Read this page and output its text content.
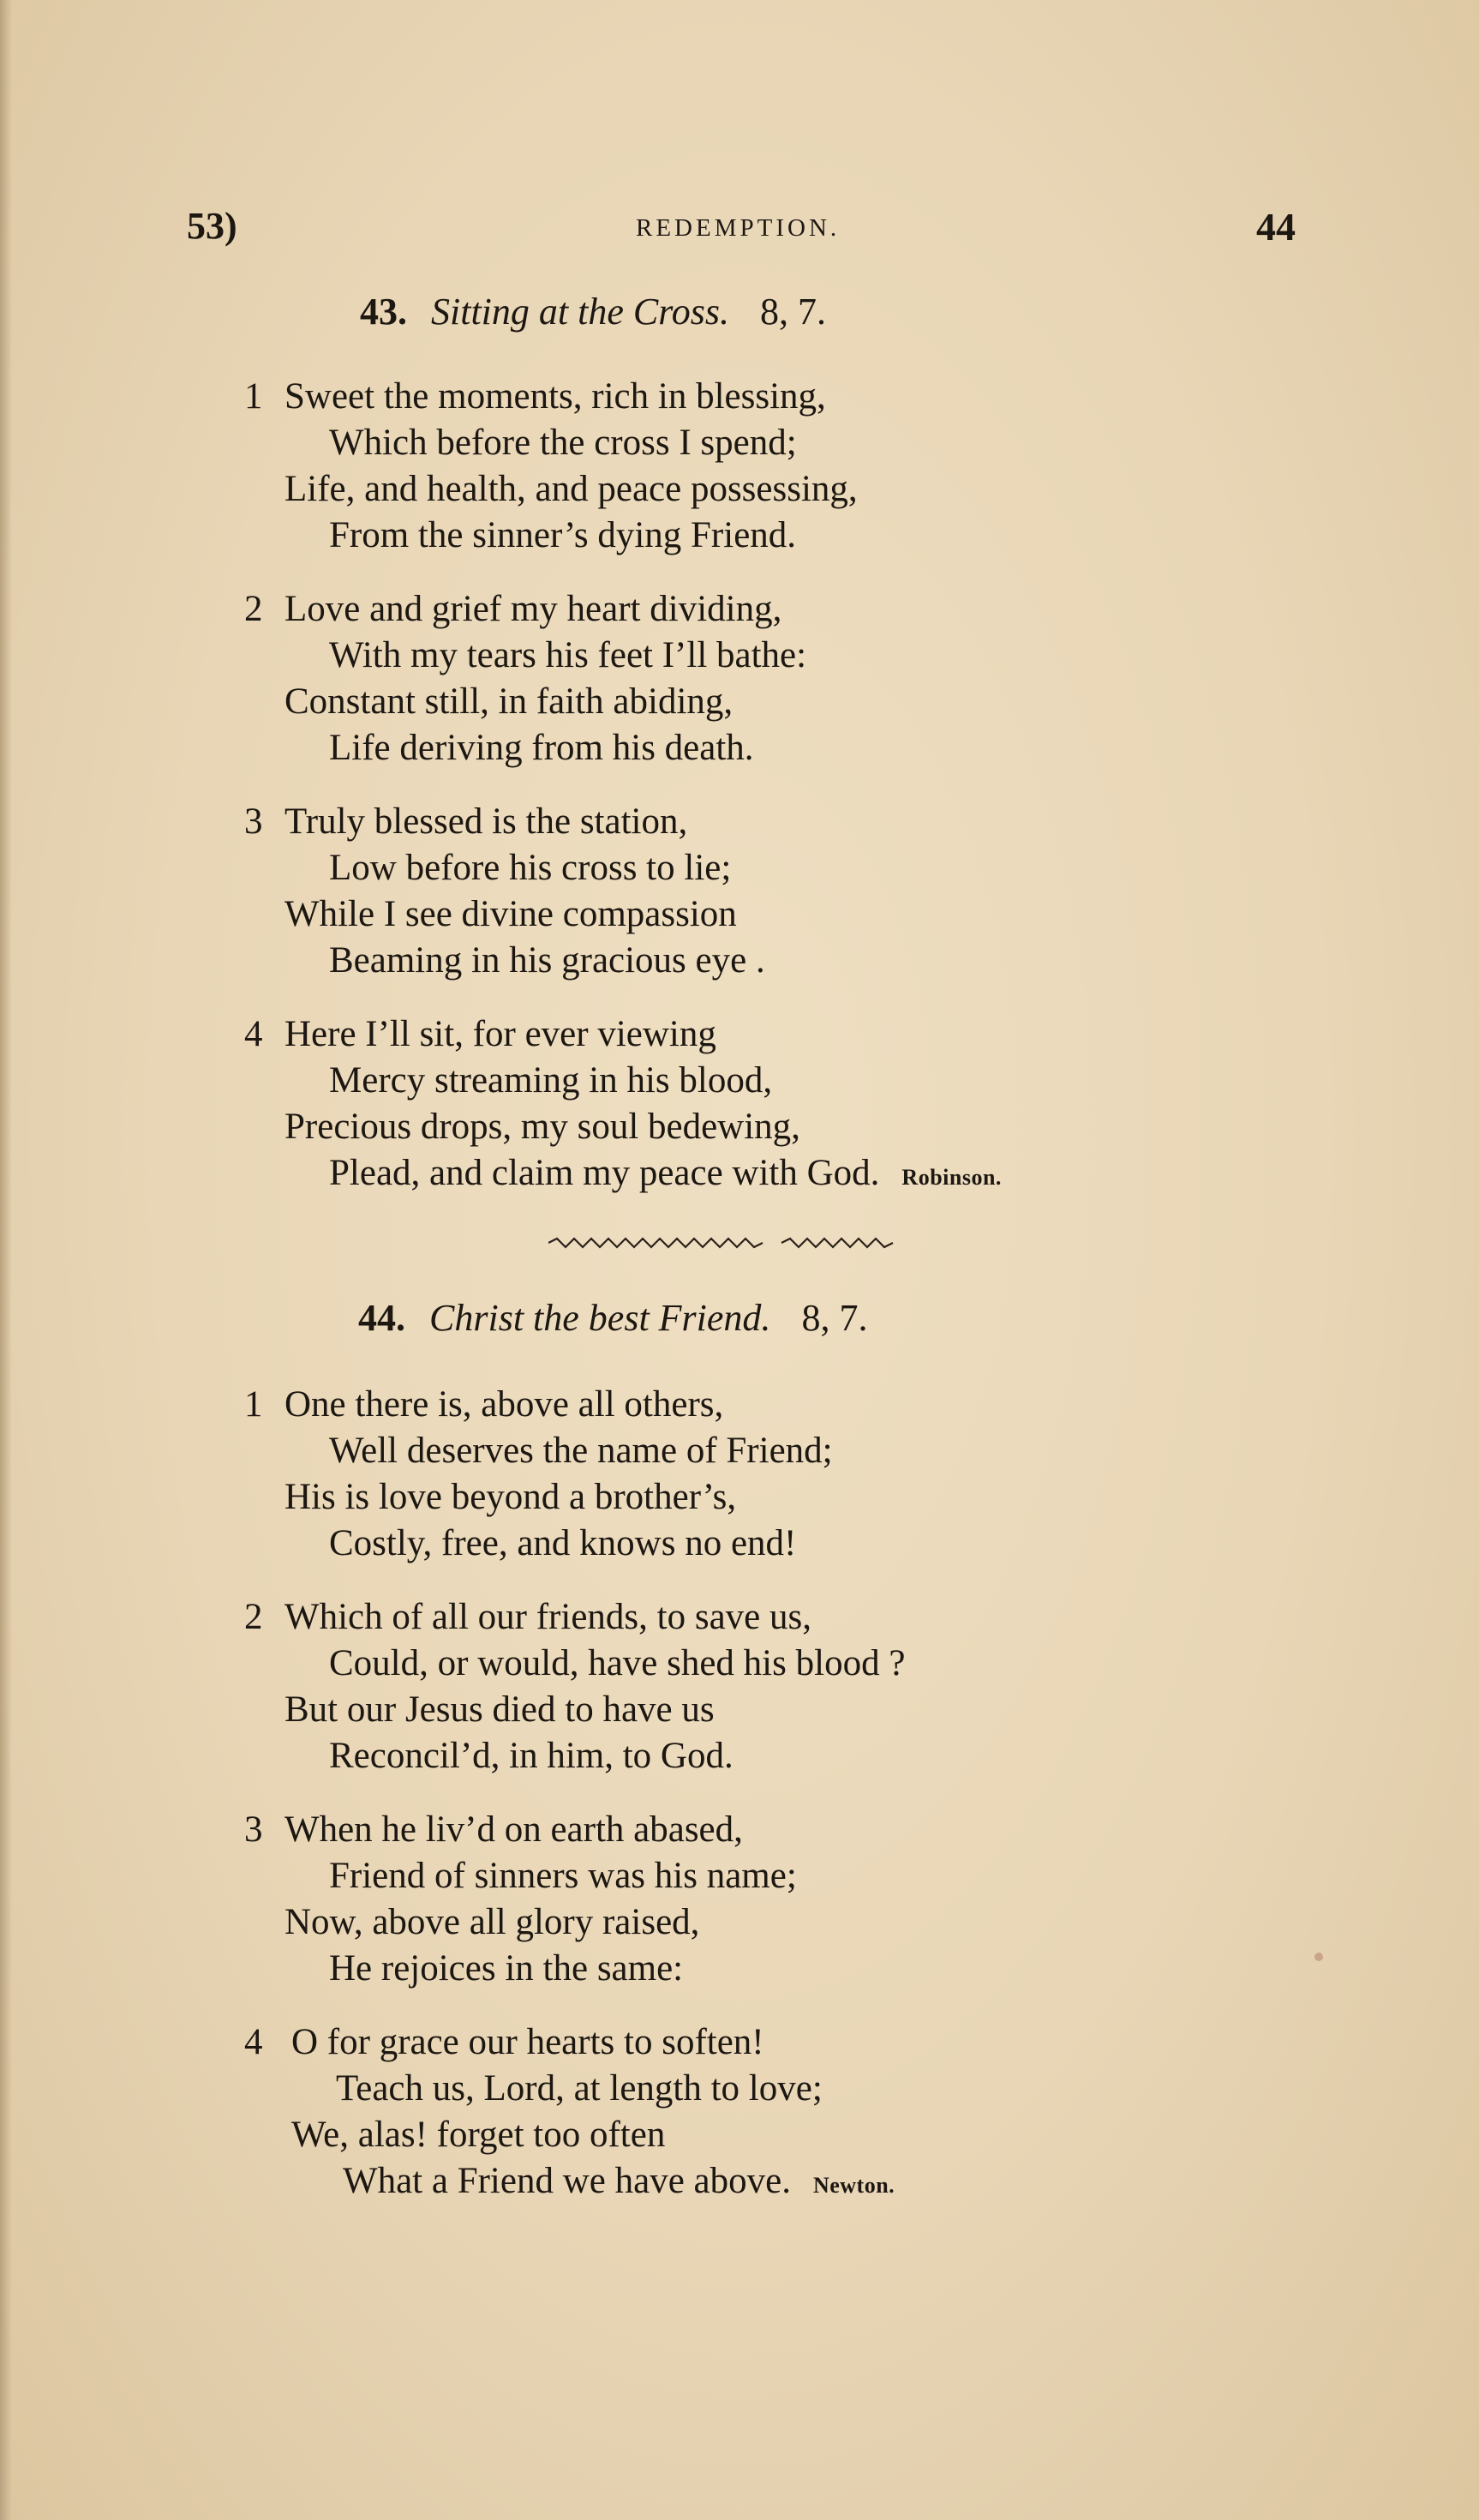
53)	REDEMPTION.	44
43. Sitting at the Cross. 8, 7.
1 Sweet the moments, rich in blessing,
Which before the cross I spend;
Life, and health, and peace possessing,
From the sinner’s dying Friend.
2 Love and grief my heart dividing,
With my tears his feet I’ll bathe:
Constant still, in faith abiding,
Life deriving from his death.
3 Truly blessed is the station,
Low before his cross to lie;
While I see divine compassion
Beaming in his gracious eye .
4 Here I’ll sit, for ever viewing
Mercy streaming in his blood,
Precious drops, my soul bedewing,
Plead, and claim my peace with God. Robinson.
44. Christ the best Friend. 8, 7.
1 One there is, above all others,
Well deserves the name of Friend;
His is love beyond a brother’s,
Costly, free, and knows no end!
2 Which of all our friends, to save us,
Could, or would, have shed his blood ?
But our Jesus died to have us
Reconcil’d, in him, to God.
3 When he liv’d on earth abased,
Friend of sinners was his name;
Now, above all glory raised,
He rejoices in the same:
4 O for grace our hearts to soften!
Teach us, Lord, at length to love;
We, alas! forget too often
What a Friend we have above. Newton.
